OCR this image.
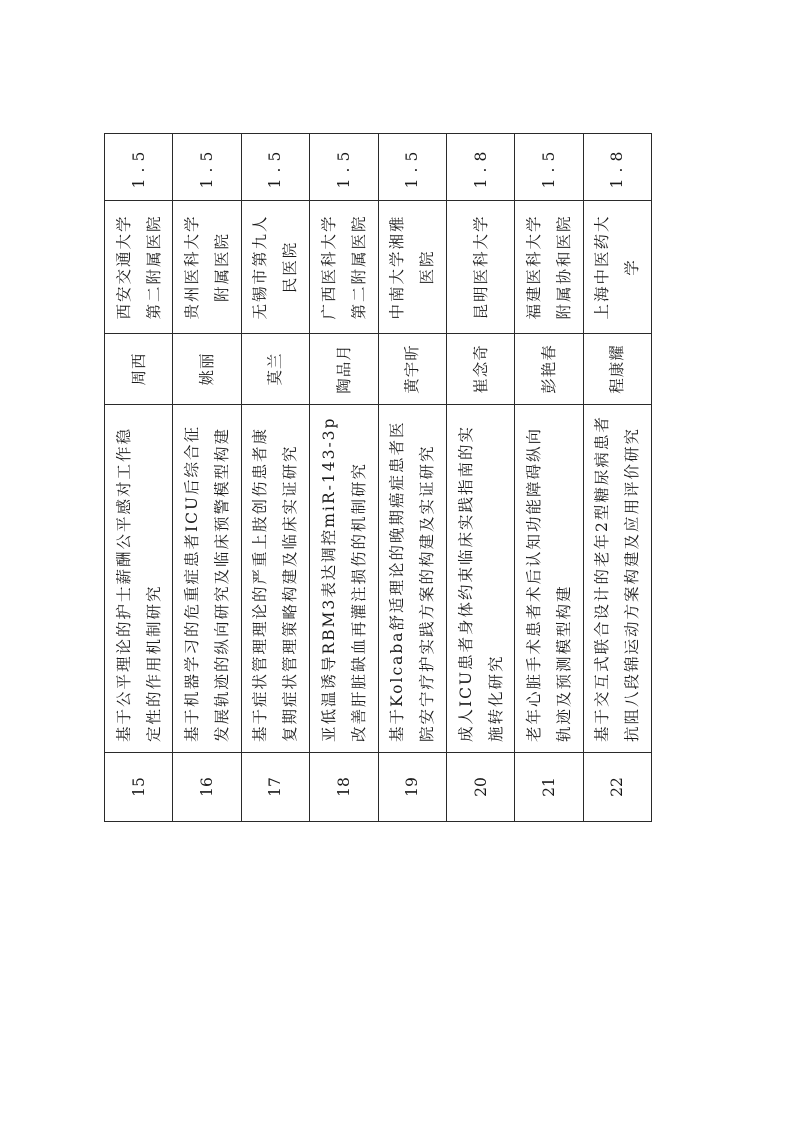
15	基于公平理论的护士薪酬公平感对工作稳定性的作用机制研究	周西	西安交通大学第二附属医院	1.5
16	基于机器学习的危重症患者ICU后综合征发展轨迹的纵向研究及临床预警模型构建	姚丽	贵州医科大学附属医院	1.5
17	基于症状管理理论的严重上肢创伤患者康复期症状管理策略构建及临床实证研究	莫兰	无锡市第九人民医院	1.5
18	亚低温诱导RBM3表达调控miR-143-3p改善肝脏缺血再灌注损伤的机制研究	陶品月	广西医科大学第二附属医院	1.5
19	基于Kolcaba舒适理论的晚期癌症患者医院安宁疗护实践方案的构建及实证研究	黄宇昕	中南大学湘雅医院	1.5
20	成人ICU患者身体约束临床实践指南的实施转化研究	崔念奇	昆明医科大学	1.8
21	老年心脏手术患者术后认知功能障碍纵向轨迹及预测模型构建	彭艳春	福建医科大学附属协和医院	1.5
22	基于交互式联合设计的老年2型糖尿病患者抗阻八段锦运动方案构建及应用评价研究	程康耀	上海中医药大学	1.8
